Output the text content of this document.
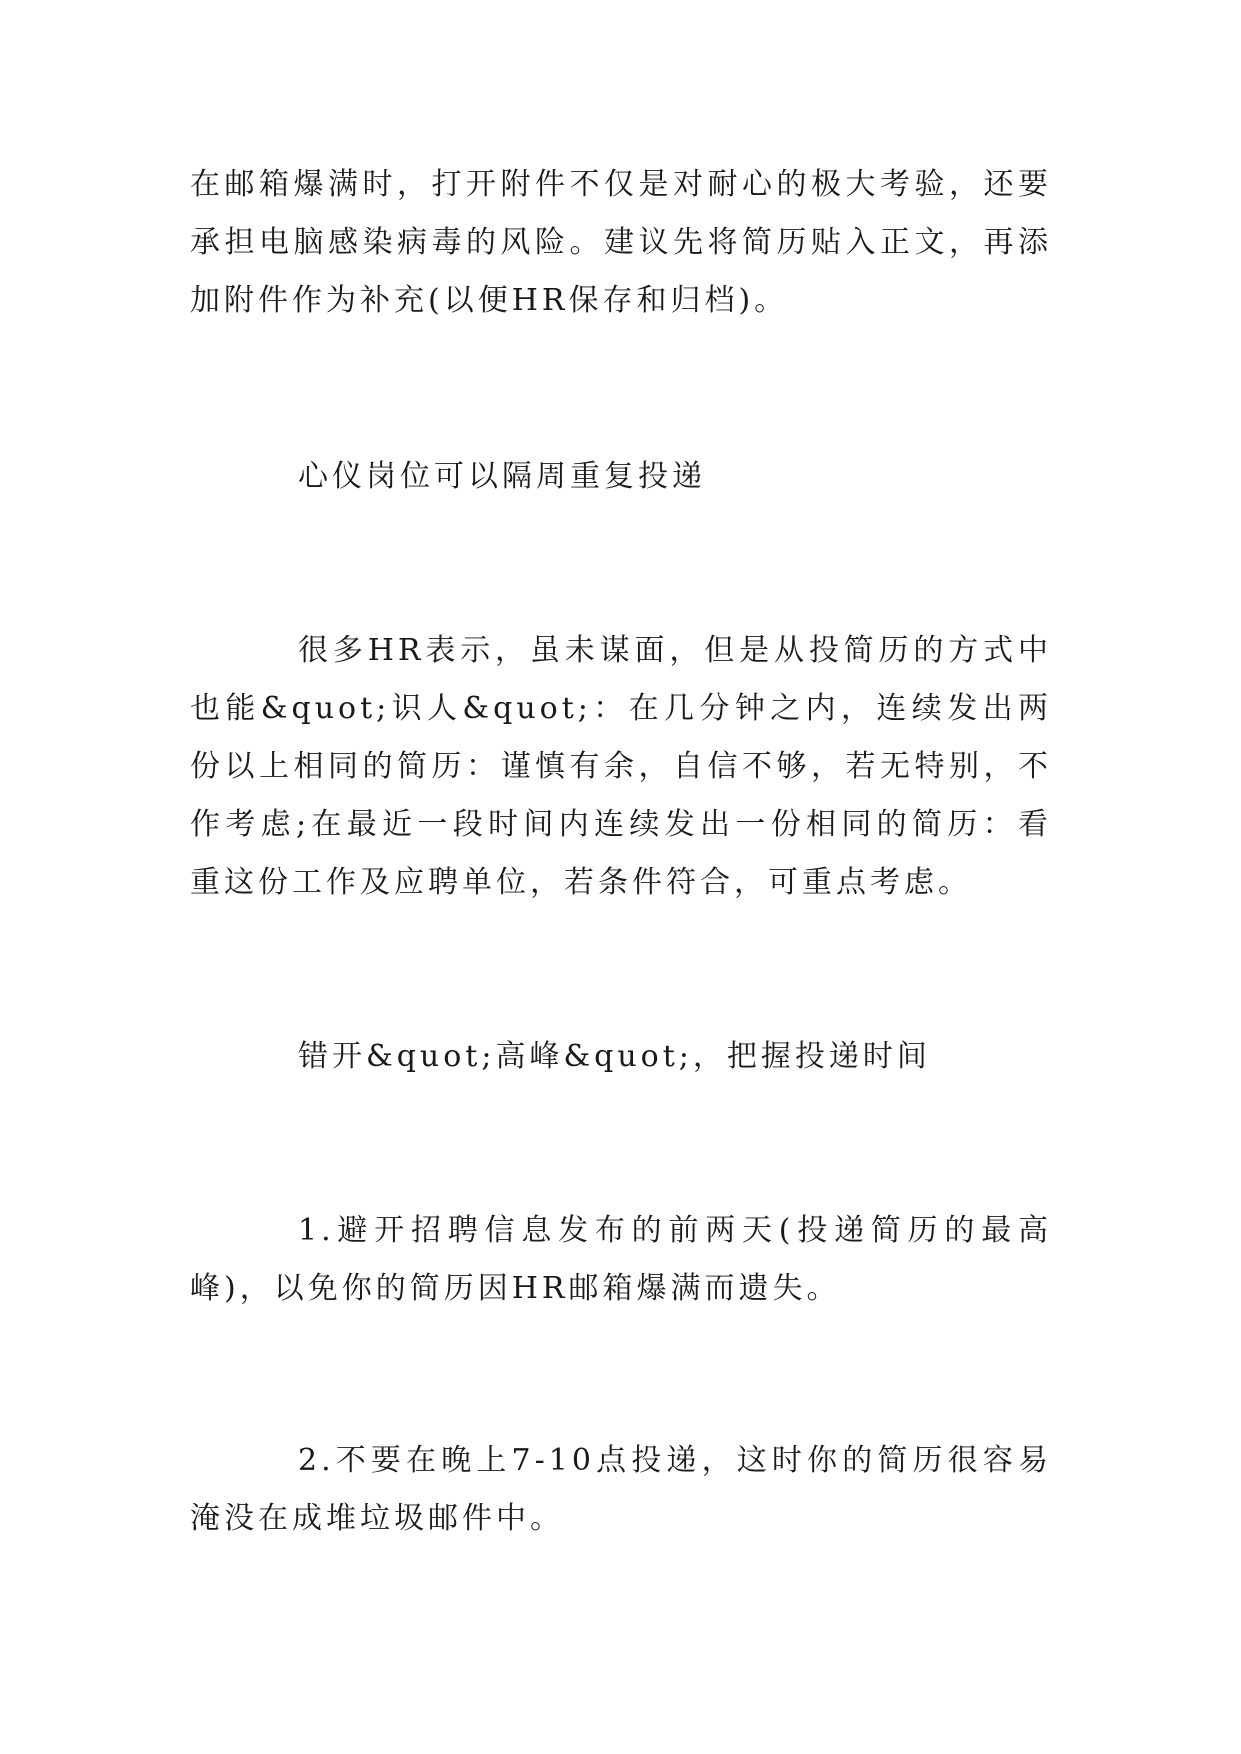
在邮箱爆满时，打开附件不仅是对耐心的极大考验，还要承担电脑感染病毒的风险。建议先将简历贴入正文，再添加附件作为补充(以便HR保存和归档)。

心仪岗位可以隔周重复投递

很多HR表示，虽未谋面，但是从投简历的方式中也能&quot;识人&quot;：在几分钟之内，连续发出两份以上相同的简历：谨慎有余，自信不够，若无特别，不作考虑;在最近一段时间内连续发出一份相同的简历：看重这份工作及应聘单位，若条件符合，可重点考虑。

错开&quot;高峰&quot;，把握投递时间

1.避开招聘信息发布的前两天(投递简历的最高峰)，以免你的简历因HR邮箱爆满而遗失。

2.不要在晚上7-10点投递，这时你的简历很容易淹没在成堆垃圾邮件中。
